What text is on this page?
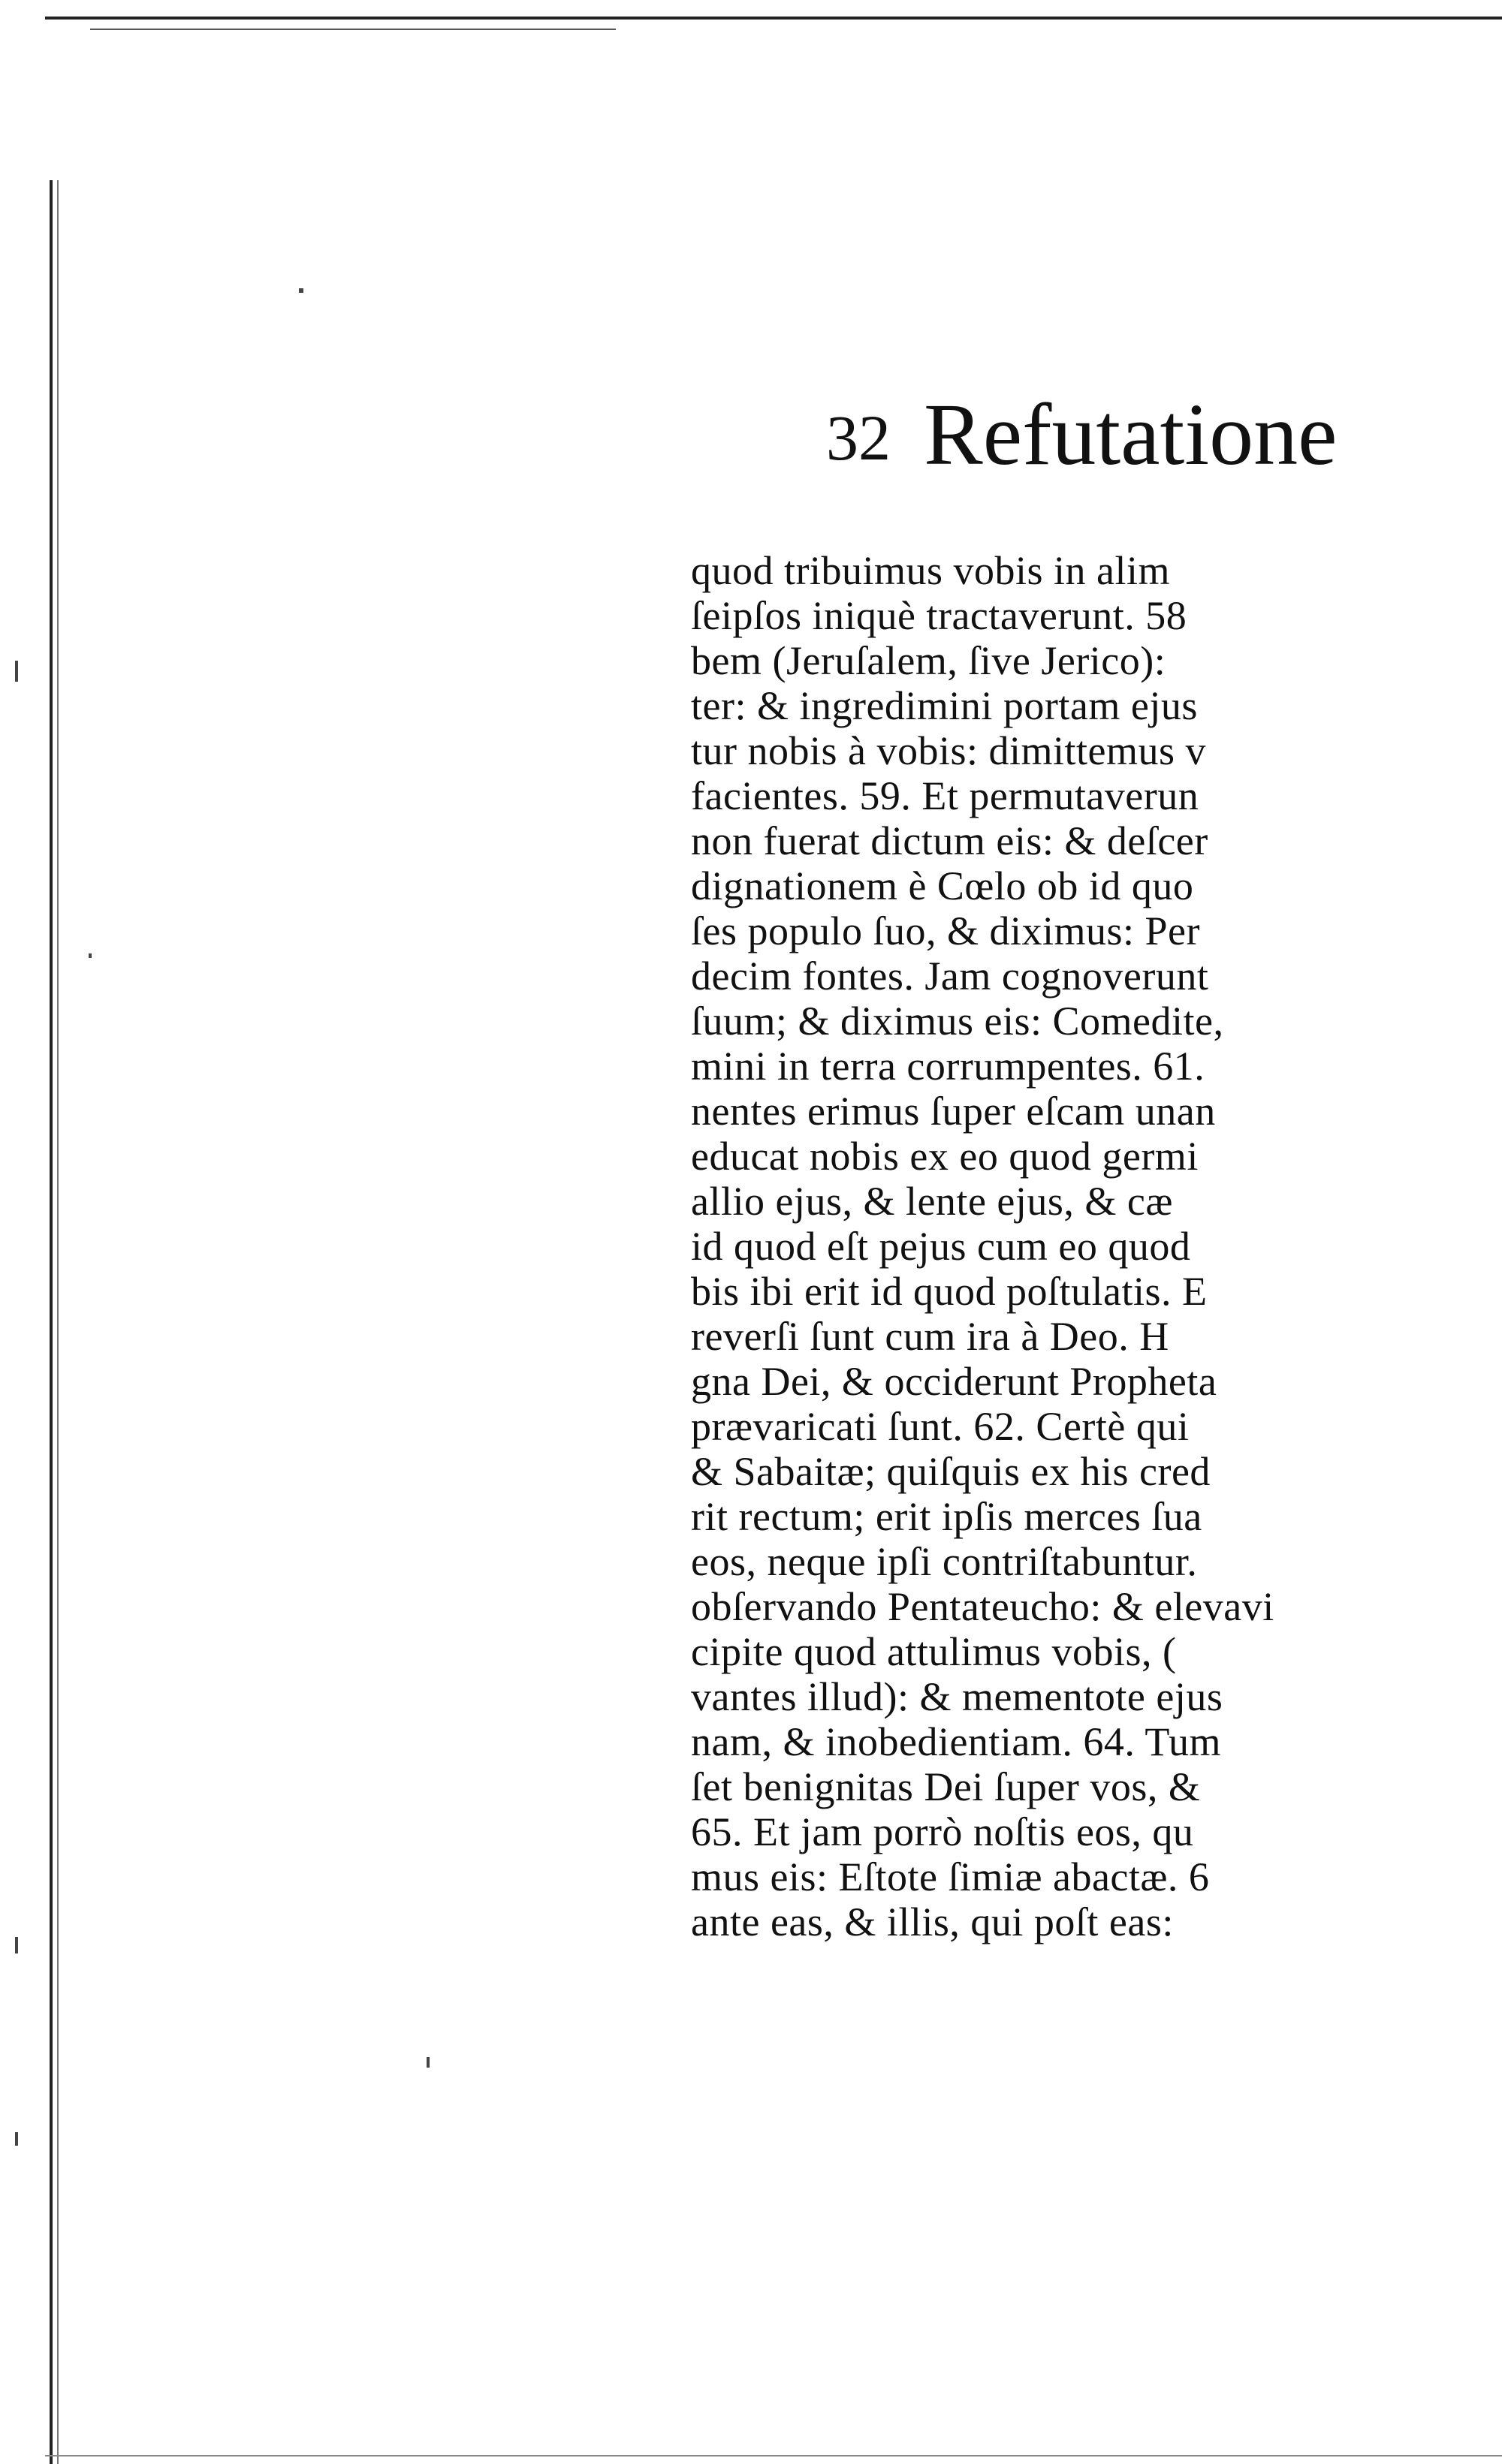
32 Refutatione
quod tribuimus vobis in alim
ſeipſos iniquè tractaverunt. 58
bem (Jeruſalem, ſive Jerico):
ter: & ingredimini portam ejus
tur nobis à vobis: dimittemus v
facientes. 59. Et permutaverun
non fuerat dictum eis: & deſcer
dignationem è Cœlo ob id quo
ſes populo ſuo, & diximus: Per
decim fontes. Jam cognoverunt
ſuum; & diximus eis: Comedite,
mini in terra corrumpentes. 61.
nentes erimus ſuper eſcam unan
educat nobis ex eo quod germi
allio ejus, & lente ejus, & cæ
id quod eſt pejus cum eo quod
bis ibi erit id quod poſtulatis. E
reverſi ſunt cum ira à Deo. H
gna Dei, & occiderunt Propheta
prævaricati ſunt. 62. Certè qui
& Sabaitæ; quiſquis ex his cred
rit rectum; erit ipſis merces ſua
eos, neque ipſi contriſtabuntur.
obſervando Pentateucho: & elevavi
cipite quod attulimus vobis, (
vantes illud): & mementote ejus
nam, & inobedientiam. 64. Tum
ſet benignitas Dei ſuper vos, &
65. Et jam porrò noſtis eos, qu
mus eis: Eſtote ſimiæ abactæ. 6
ante eas, & illis, qui poſt eas:
